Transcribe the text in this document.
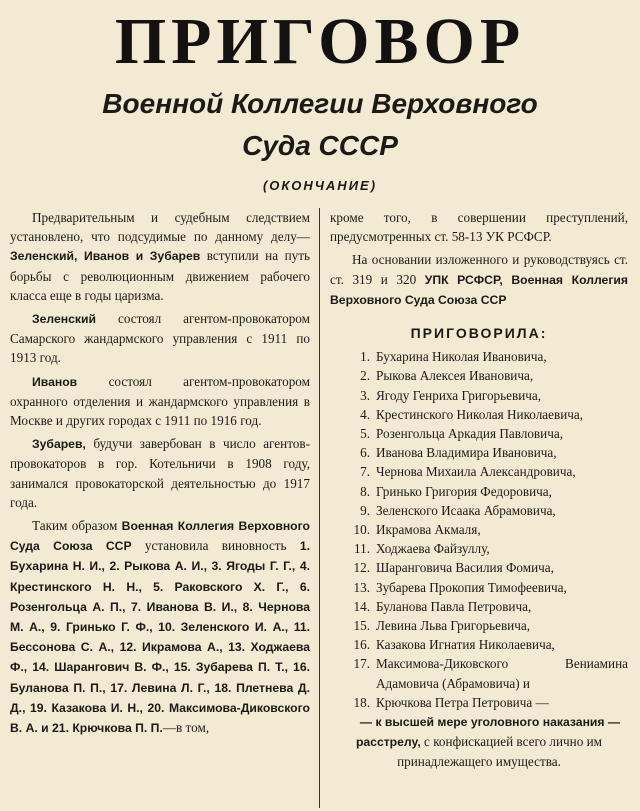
ПРИГОВОР
Военной Коллегии Верховного
Суда СССР
(ОКОНЧАНИЕ)

Предварительным и судебным следствием установлено, что подсудимые по данному делу—Зеленский, Иванов и Зубарев вступили на путь борьбы с революционным движением рабочего класса еще в годы царизма.

Зеленский состоял агентом-провокатором Самарского жандармского управления с 1911 по 1913 год.

Иванов состоял агентом-провокатором охранного отделения и жандармского управления в Москве и других городах с 1911 по 1916 год.

Зубарев, будучи завербован в число агентов-провокаторов в гор. Котельничи в 1908 году, занимался провокаторской деятельностью до 1917 года.

Таким образом Военная Коллегия Верховного Суда Союза ССР установила виновность 1. Бухарина Н. И., 2. Рыкова А. И., 3. Ягоды Г. Г., 4. Крестинского Н. Н., 5. Раковского Х. Г., 6. Розенгольца А. П., 7. Иванова В. И., 8. Чернова М. А., 9. Гринько Г. Ф., 10. Зеленского И. А., 11. Бессонова С. А., 12. Икрамова А., 13. Ходжаева Ф., 14. Шарангович В. Ф., 15. Зубарева П. Т., 16. Буланова П. П., 17. Левина Л. Г., 18. Плетнева Д. Д., 19. Казакова И. Н., 20. Максимова-Диковского В. А. и 21. Крючкова П. П.—в том,

кроме того, в совершении преступлений, предусмотренных ст. 58-13 УК РСФСР.

На основании изложенного и руководствуясь ст. ст. 319 и 320 УПК РСФСР, Военная Коллегия Верховного Суда Союза ССР

ПРИГОВОРИЛА:
1. Бухарина Николая Ивановича,
2. Рыкова Алексея Ивановича,
3. Ягоду Генриха Григорьевича,
4. Крестинского Николая Николаевича,
5. Розенгольца Аркадия Павловича,
6. Иванова Владимира Ивановича,
7. Чернова Михаила Александровича,
8. Гринько Григория Федоровича,
9. Зеленского Исаака Абрамовича,
10. Икрамова Акмаля,
11. Ходжаева Файзуллу,
12. Шаранговича Василия Фомича,
13. Зубарева Прокопия Тимофеевича,
14. Буланова Павла Петровича,
15. Левина Льва Григорьевича,
16. Казакова Игнатия Николаевича,
17. Максимова-Диковского Вениамина Адамовича (Абрамовича) и
18. Крючкова Петра Петровича —

— к высшей мере уголовного наказания — расстрелу, с конфискацией всего лично им принадлежащего имущества.
